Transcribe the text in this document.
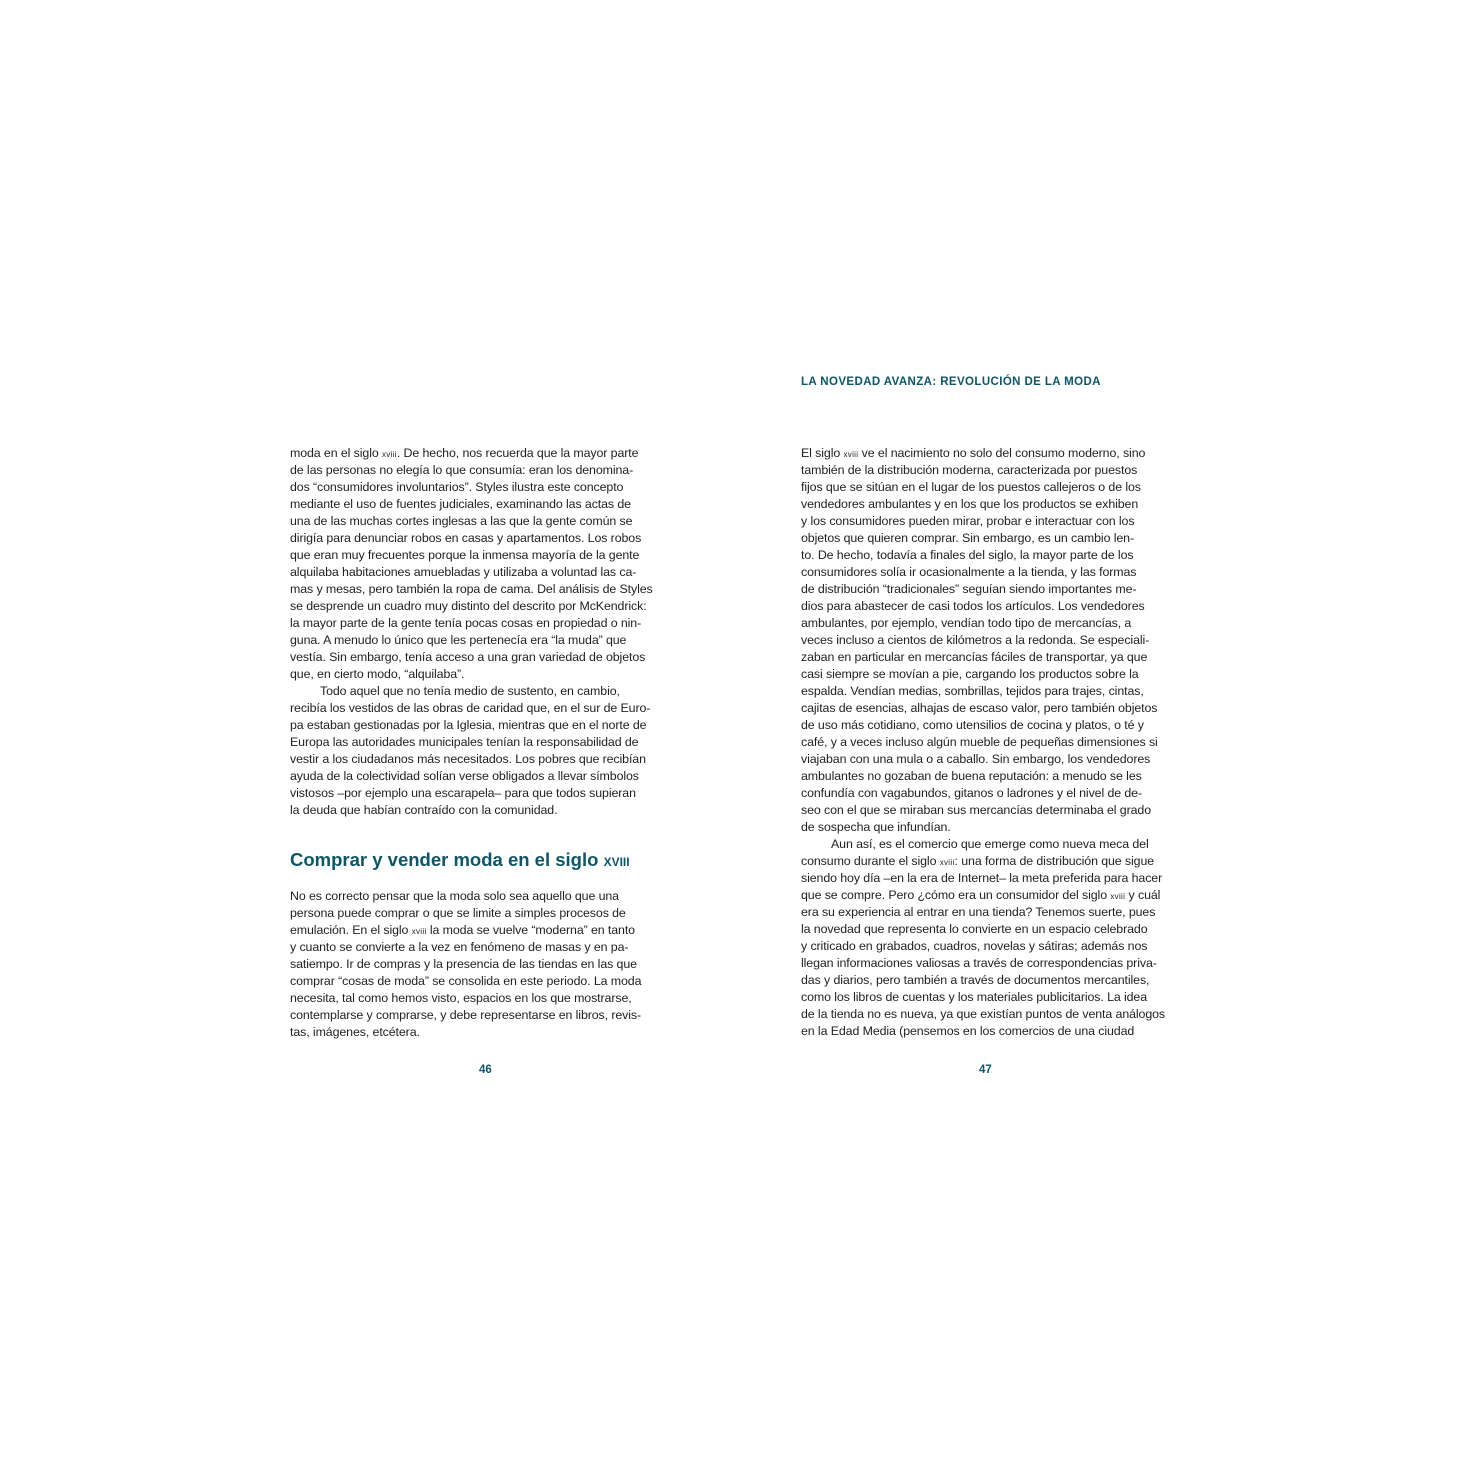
LA NOVEDAD AVANZA: REVOLUCIÓN DE LA MODA
moda en el siglo xviii. De hecho, nos recuerda que la mayor parte
de las personas no elegía lo que consumía: eran los denomina-
dos “consumidores involuntarios”. Styles ilustra este concepto
mediante el uso de fuentes judiciales, examinando las actas de
una de las muchas cortes inglesas a las que la gente común se
dirigía para denunciar robos en casas y apartamentos. Los robos
que eran muy frecuentes porque la inmensa mayoría de la gente
alquilaba habitaciones amuebladas y utilizaba a voluntad las ca-
mas y mesas, pero también la ropa de cama. Del análisis de Styles
se desprende un cuadro muy distinto del descrito por McKendrick:
la mayor parte de la gente tenía pocas cosas en propiedad o nin-
guna. A menudo lo único que les pertenecía era “la muda” que
vestía. Sin embargo, tenía acceso a una gran variedad de objetos
que, en cierto modo, “alquilaba”.
Todo aquel que no tenía medio de sustento, en cambio,
recibía los vestidos de las obras de caridad que, en el sur de Euro-
pa estaban gestionadas por la Iglesia, mientras que en el norte de
Europa las autoridades municipales tenían la responsabilidad de
vestir a los ciudadanos más necesitados. Los pobres que recibían
ayuda de la colectividad solían verse obligados a llevar símbolos
vistosos –por ejemplo una escarapela– para que todos supieran
la deuda que habían contraído con la comunidad.
Comprar y vender moda en el siglo XVIII
No es correcto pensar que la moda solo sea aquello que una
persona puede comprar o que se limite a simples procesos de
emulación. En el siglo xviii la moda se vuelve “moderna” en tanto
y cuanto se convierte a la vez en fenómeno de masas y en pa-
satiempo. Ir de compras y la presencia de las tiendas en las que
comprar “cosas de moda” se consolida en este periodo. La moda
necesita, tal como hemos visto, espacios en los que mostrarse,
contemplarse y comprarse, y debe representarse en libros, revis-
tas, imágenes, etcétera.
46
El siglo xviii ve el nacimiento no solo del consumo moderno, sino
también de la distribución moderna, caracterizada por puestos
fijos que se sitúan en el lugar de los puestos callejeros o de los
vendedores ambulantes y en los que los productos se exhiben
y los consumidores pueden mirar, probar e interactuar con los
objetos que quieren comprar. Sin embargo, es un cambio len-
to. De hecho, todavía a finales del siglo, la mayor parte de los
consumidores solía ir ocasionalmente a la tienda, y las formas
de distribución “tradicionales” seguían siendo importantes me-
dios para abastecer de casi todos los artículos. Los vendedores
ambulantes, por ejemplo, vendían todo tipo de mercancías, a
veces incluso a cientos de kilómetros a la redonda. Se especiali-
zaban en particular en mercancías fáciles de transportar, ya que
casi siempre se movían a pie, cargando los productos sobre la
espalda. Vendían medias, sombrillas, tejidos para trajes, cintas,
cajitas de esencias, alhajas de escaso valor, pero también objetos
de uso más cotidiano, como utensilios de cocina y platos, o té y
café, y a veces incluso algún mueble de pequeñas dimensiones si
viajaban con una mula o a caballo. Sin embargo, los vendedores
ambulantes no gozaban de buena reputación: a menudo se les
confundía con vagabundos, gitanos o ladrones y el nivel de de-
seo con el que se miraban sus mercancías determinaba el grado
de sospecha que infundían.
Aun así, es el comercio que emerge como nueva meca del
consumo durante el siglo xviii: una forma de distribución que sigue
siendo hoy día –en la era de Internet– la meta preferida para hacer
que se compre. Pero ¿cómo era un consumidor del siglo xviii y cuál
era su experiencia al entrar en una tienda? Tenemos suerte, pues
la novedad que representa lo convierte en un espacio celebrado
y criticado en grabados, cuadros, novelas y sátiras; además nos
llegan informaciones valiosas a través de correspondencias priva-
das y diarios, pero también a través de documentos mercantiles,
como los libros de cuentas y los materiales publicitarios. La idea
de la tienda no es nueva, ya que existían puntos de venta análogos
en la Edad Media (pensemos en los comercios de una ciudad
47
